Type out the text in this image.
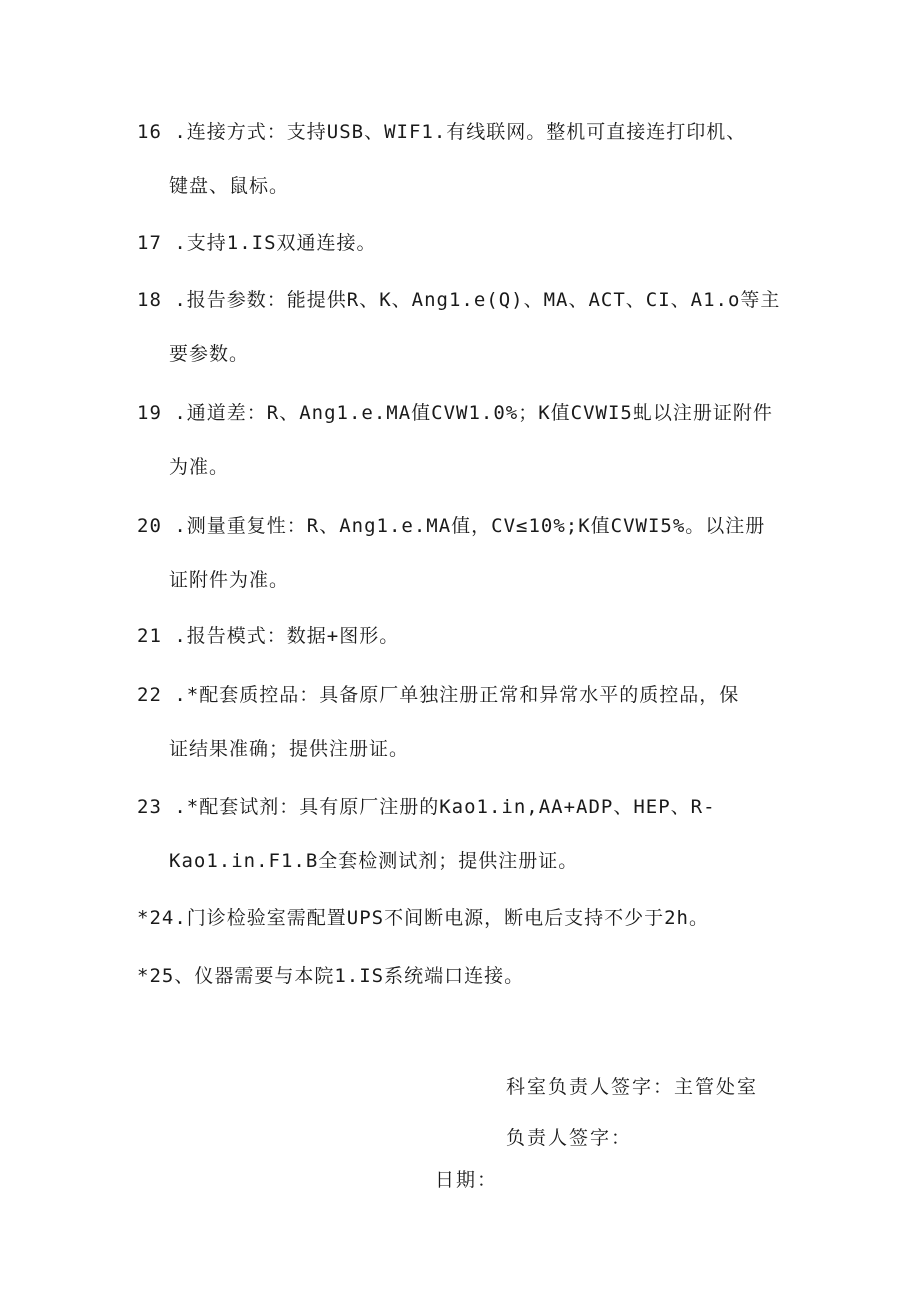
16 .连接方式：支持USB、WIF1.有线联网。整机可直接连打印机、
键盘、鼠标。

17 .支持1.IS双通连接。

18 .报告参数：能提供R、K、Ang1.e(Q)、MA、ACT、CI、A1.o等主
要参数。

19 .通道差：R、Ang1.e.MA值CVW1.0%；K值CVWI5虬以注册证附件
为准。

20 .测量重复性：R、Ang1.e.MA值，CV≤10%;K值CVWI5%。以注册
证附件为准。

21 .报告模式：数据+图形。

22 .*配套质控品：具备原厂单独注册正常和异常水平的质控品，保
证结果准确；提供注册证。

23 .*配套试剂：具有原厂注册的Kao1.in,AA+ADP、HEP、R-
Kao1.in.F1.B全套检测试剂；提供注册证。

*24.门诊检验室需配置UPS不间断电源，断电后支持不少于2h。

*25、仪器需要与本院1.IS系统端口连接。

科室负责人签字：主管处室

负责人签字：

日期：
